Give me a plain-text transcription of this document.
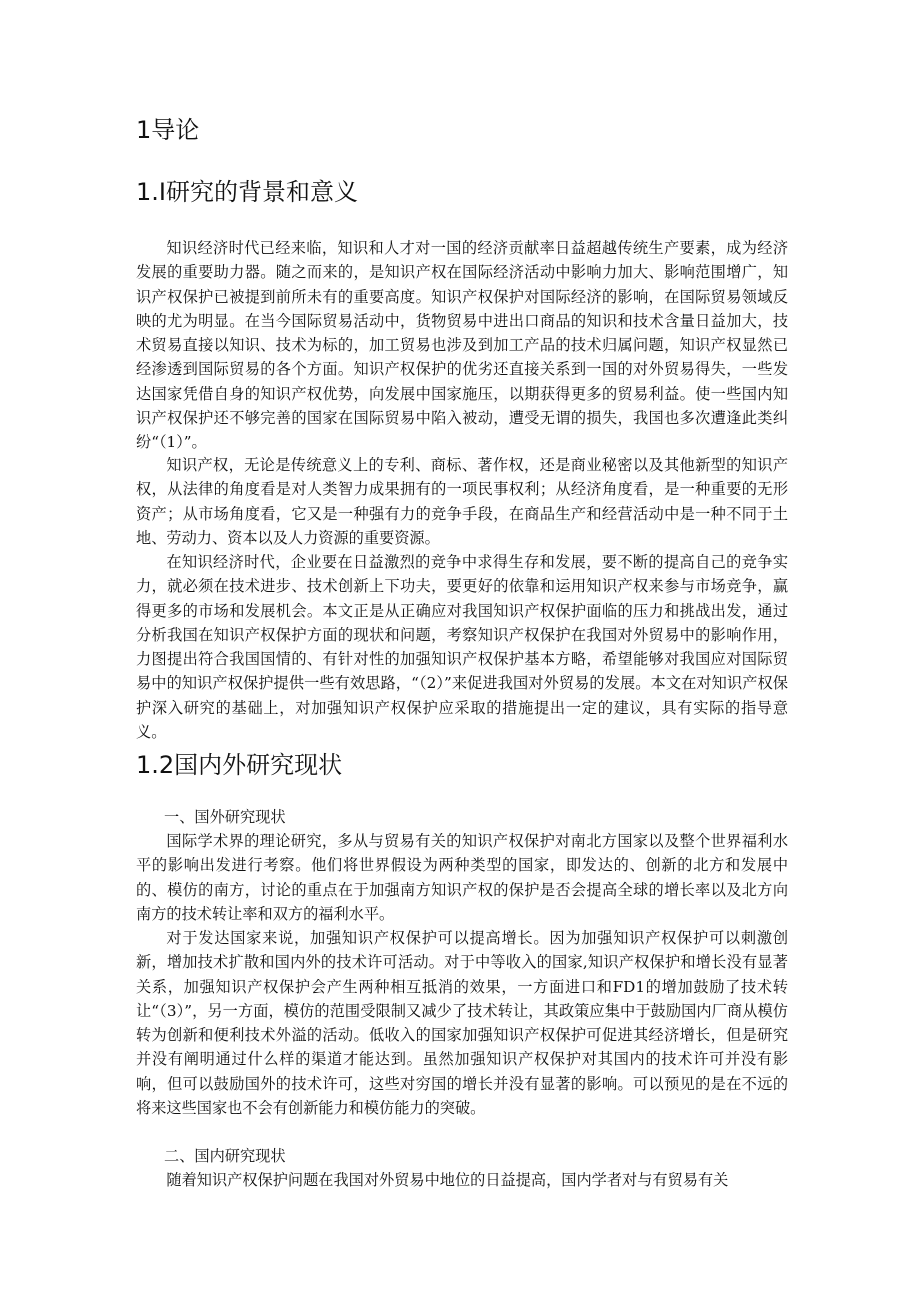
1导论
1.I研究的背景和意义

知识经济时代已经来临，知识和人才对一国的经济贡献率日益超越传统生产要素，成为经济发展的重要助力器。随之而来的，是知识产权在国际经济活动中影响力加大、影响范围增广，知识产权保护已被提到前所未有的重要高度。知识产权保护对国际经济的影响，在国际贸易领域反映的尤为明显。在当今国际贸易活动中，货物贸易中进出口商品的知识和技术含量日益加大，技术贸易直接以知识、技术为标的，加工贸易也涉及到加工产品的技术归属问题，知识产权显然已经渗透到国际贸易的各个方面。知识产权保护的优劣还直接关系到一国的对外贸易得失，一些发达国家凭借自身的知识产权优势，向发展中国家施压，以期获得更多的贸易利益。使一些国内知识产权保护还不够完善的国家在国际贸易中陷入被动，遭受无谓的损失，我国也多次遭逢此类纠纷“（1）”。

知识产权，无论是传统意义上的专利、商标、著作权，还是商业秘密以及其他新型的知识产权，从法律的角度看是对人类智力成果拥有的一项民事权利；从经济角度看，是一种重要的无形资产；从市场角度看，它又是一种强有力的竞争手段，在商品生产和经营活动中是一种不同于土地、劳动力、资本以及人力资源的重要资源。

在知识经济时代，企业要在日益激烈的竞争中求得生存和发展，要不断的提高自己的竞争实力，就必须在技术进步、技术创新上下功夫，要更好的依靠和运用知识产权来参与市场竞争，赢得更多的市场和发展机会。本文正是从正确应对我国知识产权保护面临的压力和挑战出发，通过分析我国在知识产权保护方面的现状和问题，考察知识产权保护在我国对外贸易中的影响作用，力图提出符合我国国情的、有针对性的加强知识产权保护基本方略，希望能够对我国应对国际贸易中的知识产权保护提供一些有效思路，“（2）”来促进我国对外贸易的发展。本文在对知识产权保护深入研究的基础上，对加强知识产权保护应采取的措施提出一定的建议，具有实际的指导意义。

1.2国内外研究现状

一、国外研究现状

国际学术界的理论研究，多从与贸易有关的知识产权保护对南北方国家以及整个世界福利水平的影响出发进行考察。他们将世界假设为两种类型的国家，即发达的、创新的北方和发展中的、模仿的南方，讨论的重点在于加强南方知识产权的保护是否会提高全球的增长率以及北方向南方的技术转让率和双方的福利水平。

对于发达国家来说，加强知识产权保护可以提高增长。因为加强知识产权保护可以刺激创新，增加技术扩散和国内外的技术许可活动。对于中等收入的国家,知识产权保护和增长没有显著关系，加强知识产权保护会产生两种相互抵消的效果，一方面进口和FD1的增加鼓励了技术转让“（3）”，另一方面，模仿的范围受限制又减少了技术转让，其政策应集中于鼓励国内厂商从模仿转为创新和便利技术外溢的活动。低收入的国家加强知识产权保护可促进其经济增长，但是研究并没有阐明通过什么样的渠道才能达到。虽然加强知识产权保护对其国内的技术许可并没有影响，但可以鼓励国外的技术许可，这些对穷国的增长并没有显著的影响。可以预见的是在不远的将来这些国家也不会有创新能力和模仿能力的突破。

二、国内研究现状

随着知识产权保护问题在我国对外贸易中地位的日益提高，国内学者对与有贸易有关
